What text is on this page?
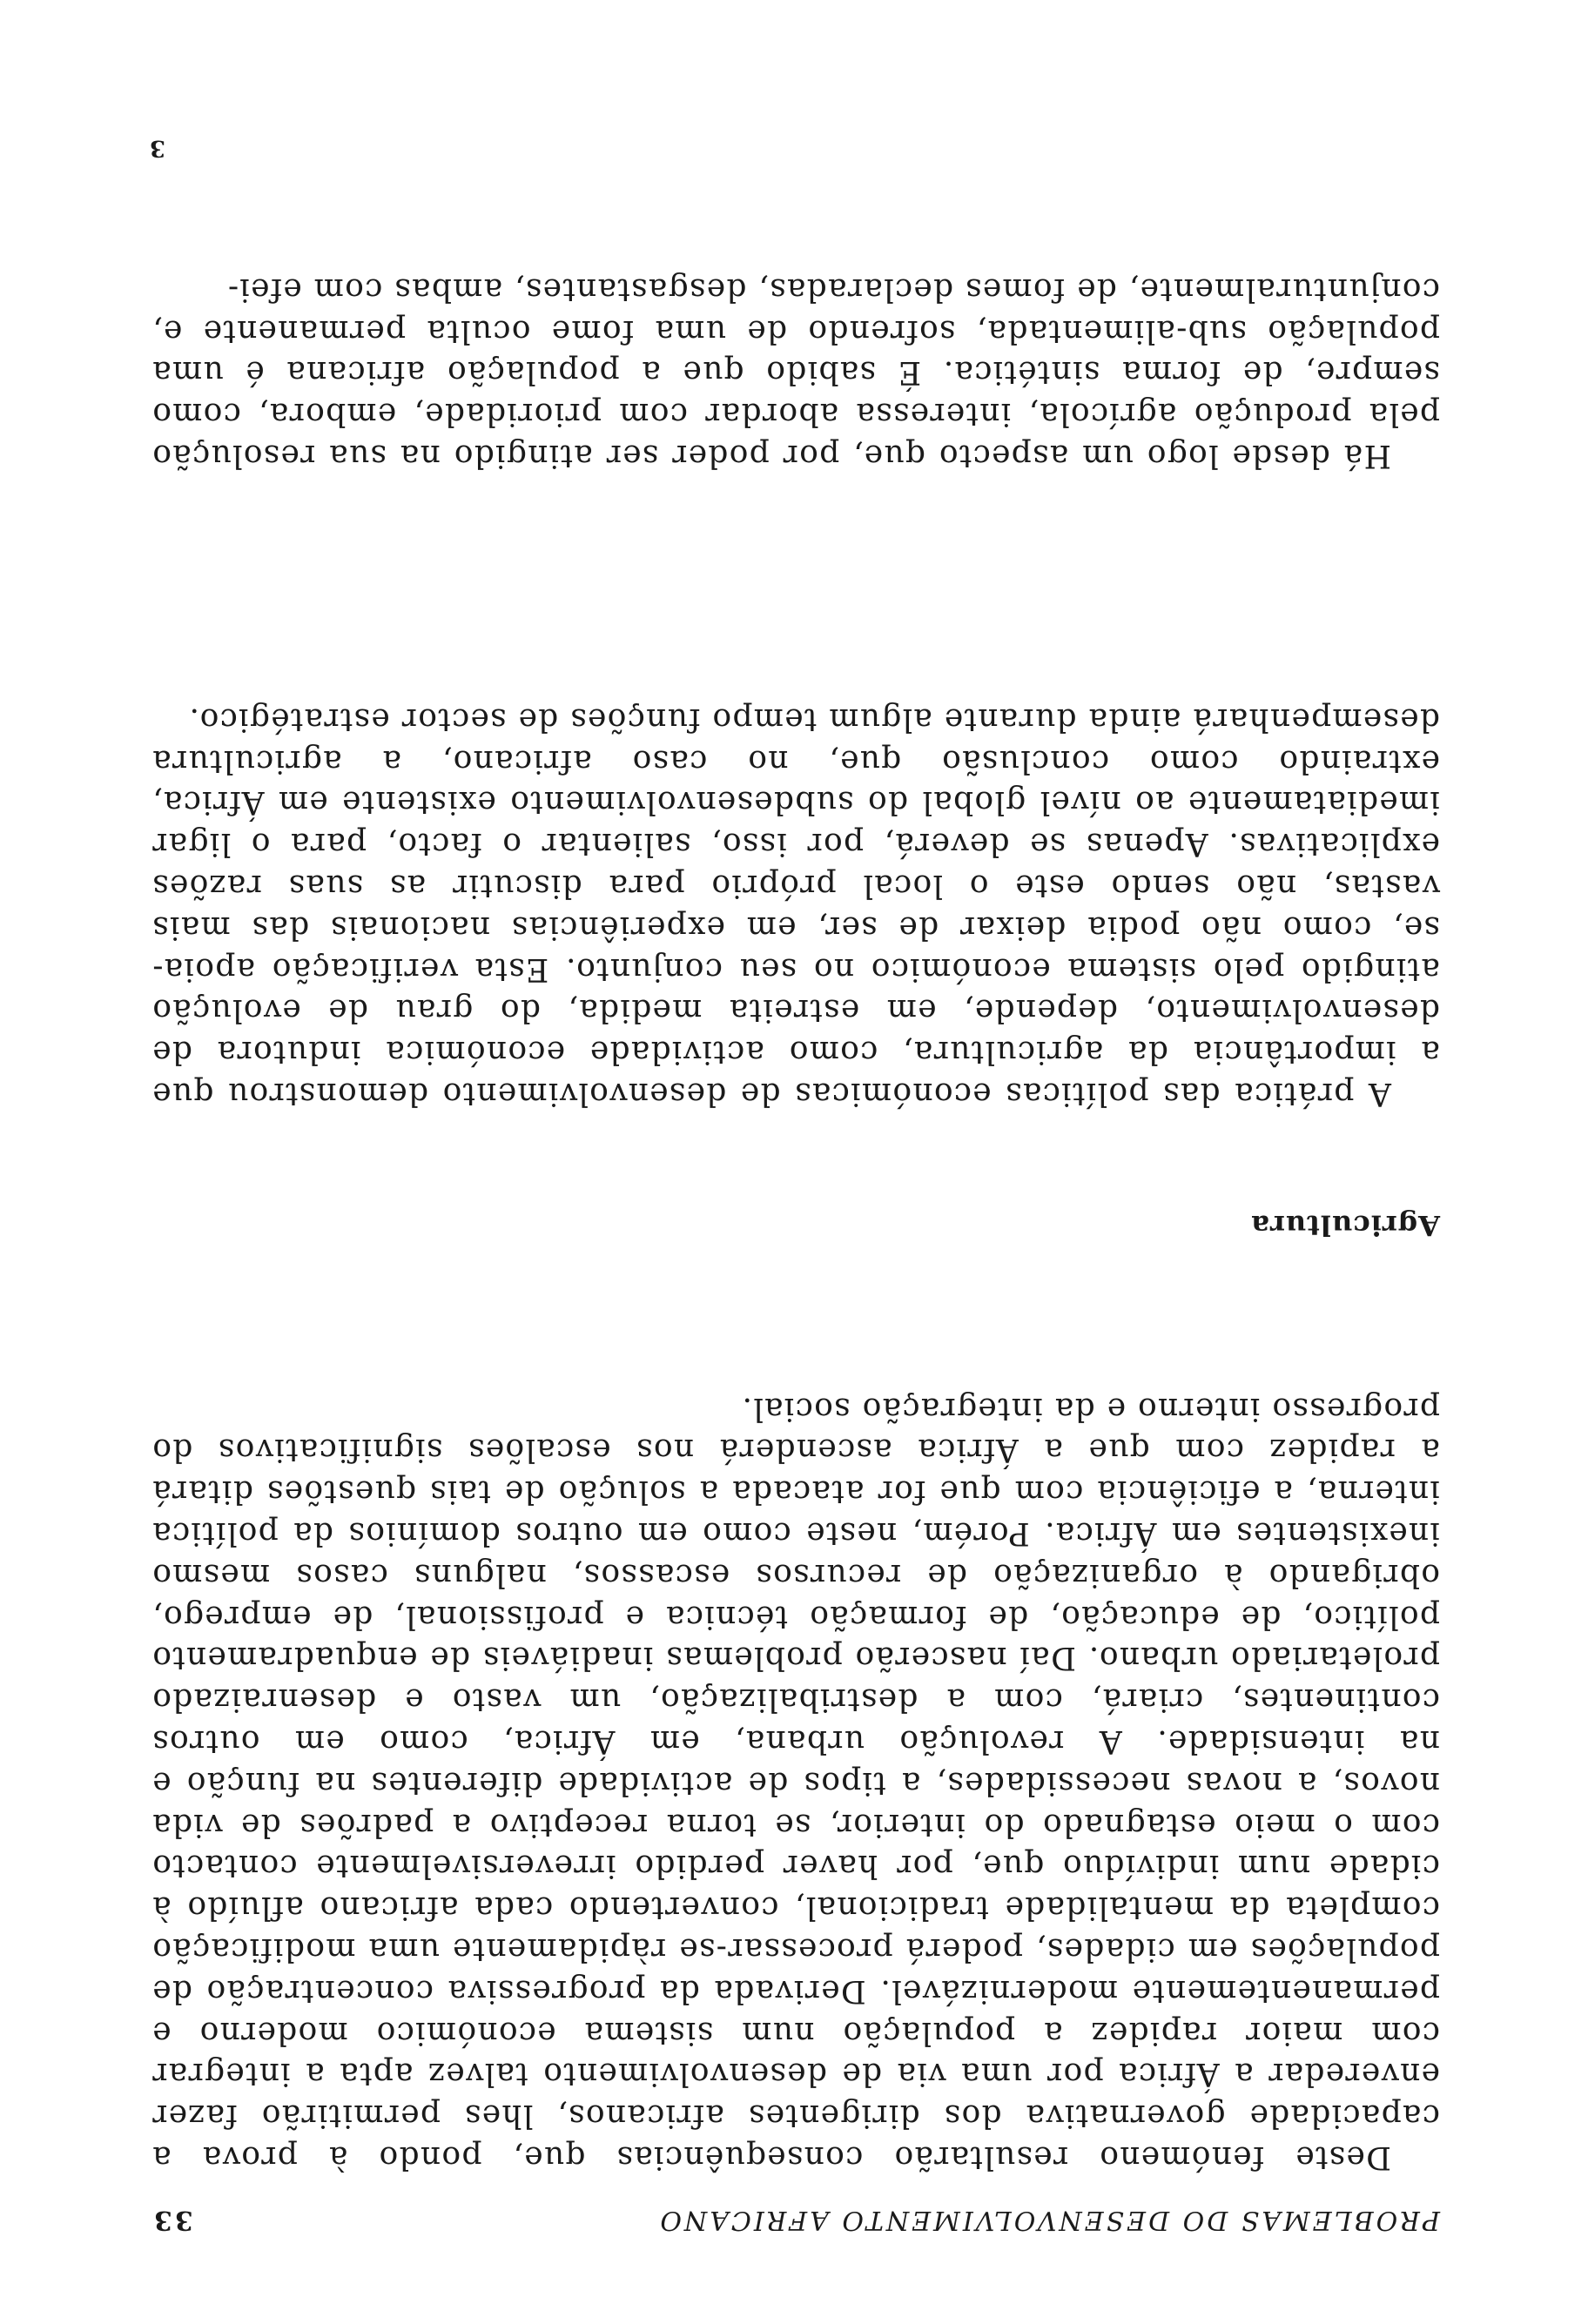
PROBLEMAS DO DESENVOLVIMENTO AFRICANO
33

Deste fenómeno resultarão consequências que, pondo à prova a capacidade governativa dos dirigentes africanos, lhes permitirão fazer enveredar a África por uma via de desenvolvimento talvez apta a integrar com maior rapidez a população num sistema económico moderno e permanentemente modernizável. Derivada da progressiva concentração de populações em cidades, poderá processar-se ràpidamente uma modificação completa da mentalidade tradicional, convertendo cada africano afluído à cidade num indivíduo que, por haver perdido irreversivelmente contacto com o meio estagnado do interior, se torna receptivo a padrões de vida novos, a novas necessidades, a tipos de actividade diferentes na função e na intensidade. A revolução urbana, em África, como em outros continentes, criará, com a destribalização, um vasto e desenraizado proletariado urbano. Daí nascerão problemas inadiáveis de enquadramento político, de educação, de formação técnica e profissional, de emprego, obrigando à organização de recursos escassos, nalguns casos mesmo inexistentes em África. Porém, neste como em outros domínios da política interna, a eficiência com que for atacada a solução de tais questões ditará a rapidez com que a África ascenderá nos escalões significativos do progresso interno e da integração social.

Agricultura

A prática das políticas económicas de desenvolvimento demonstrou que a importância da agricultura, como actividade económica indutora de desenvolvimento, depende, em estreita medida, do grau de evolução atingido pelo sistema económico no seu conjunto. Esta verificação apoia-se, como não podia deixar de ser, em experiências nacionais das mais vastas, não sendo este o local próprio para discutir as suas razões explicativas. Apenas se deverá, por isso, salientar o facto, para o ligar imediatamente ao nível global do subdesenvolvimento existente em África, extraindo como conclusão que, no caso africano, a agricultura desempenhará ainda durante algum tempo funções de sector estratégico.

Há desde logo um aspecto que, por poder ser atingido na sua resolução pela produção agrícola, interessa abordar com prioridade, embora, como sempre, de forma sintética. É sabido que a população africana é uma população sub-alimentada, sofrendo de uma fome oculta permanente e, conjunturalmente, de fomes declaradas, desgastantes, ambas com efei-

3
